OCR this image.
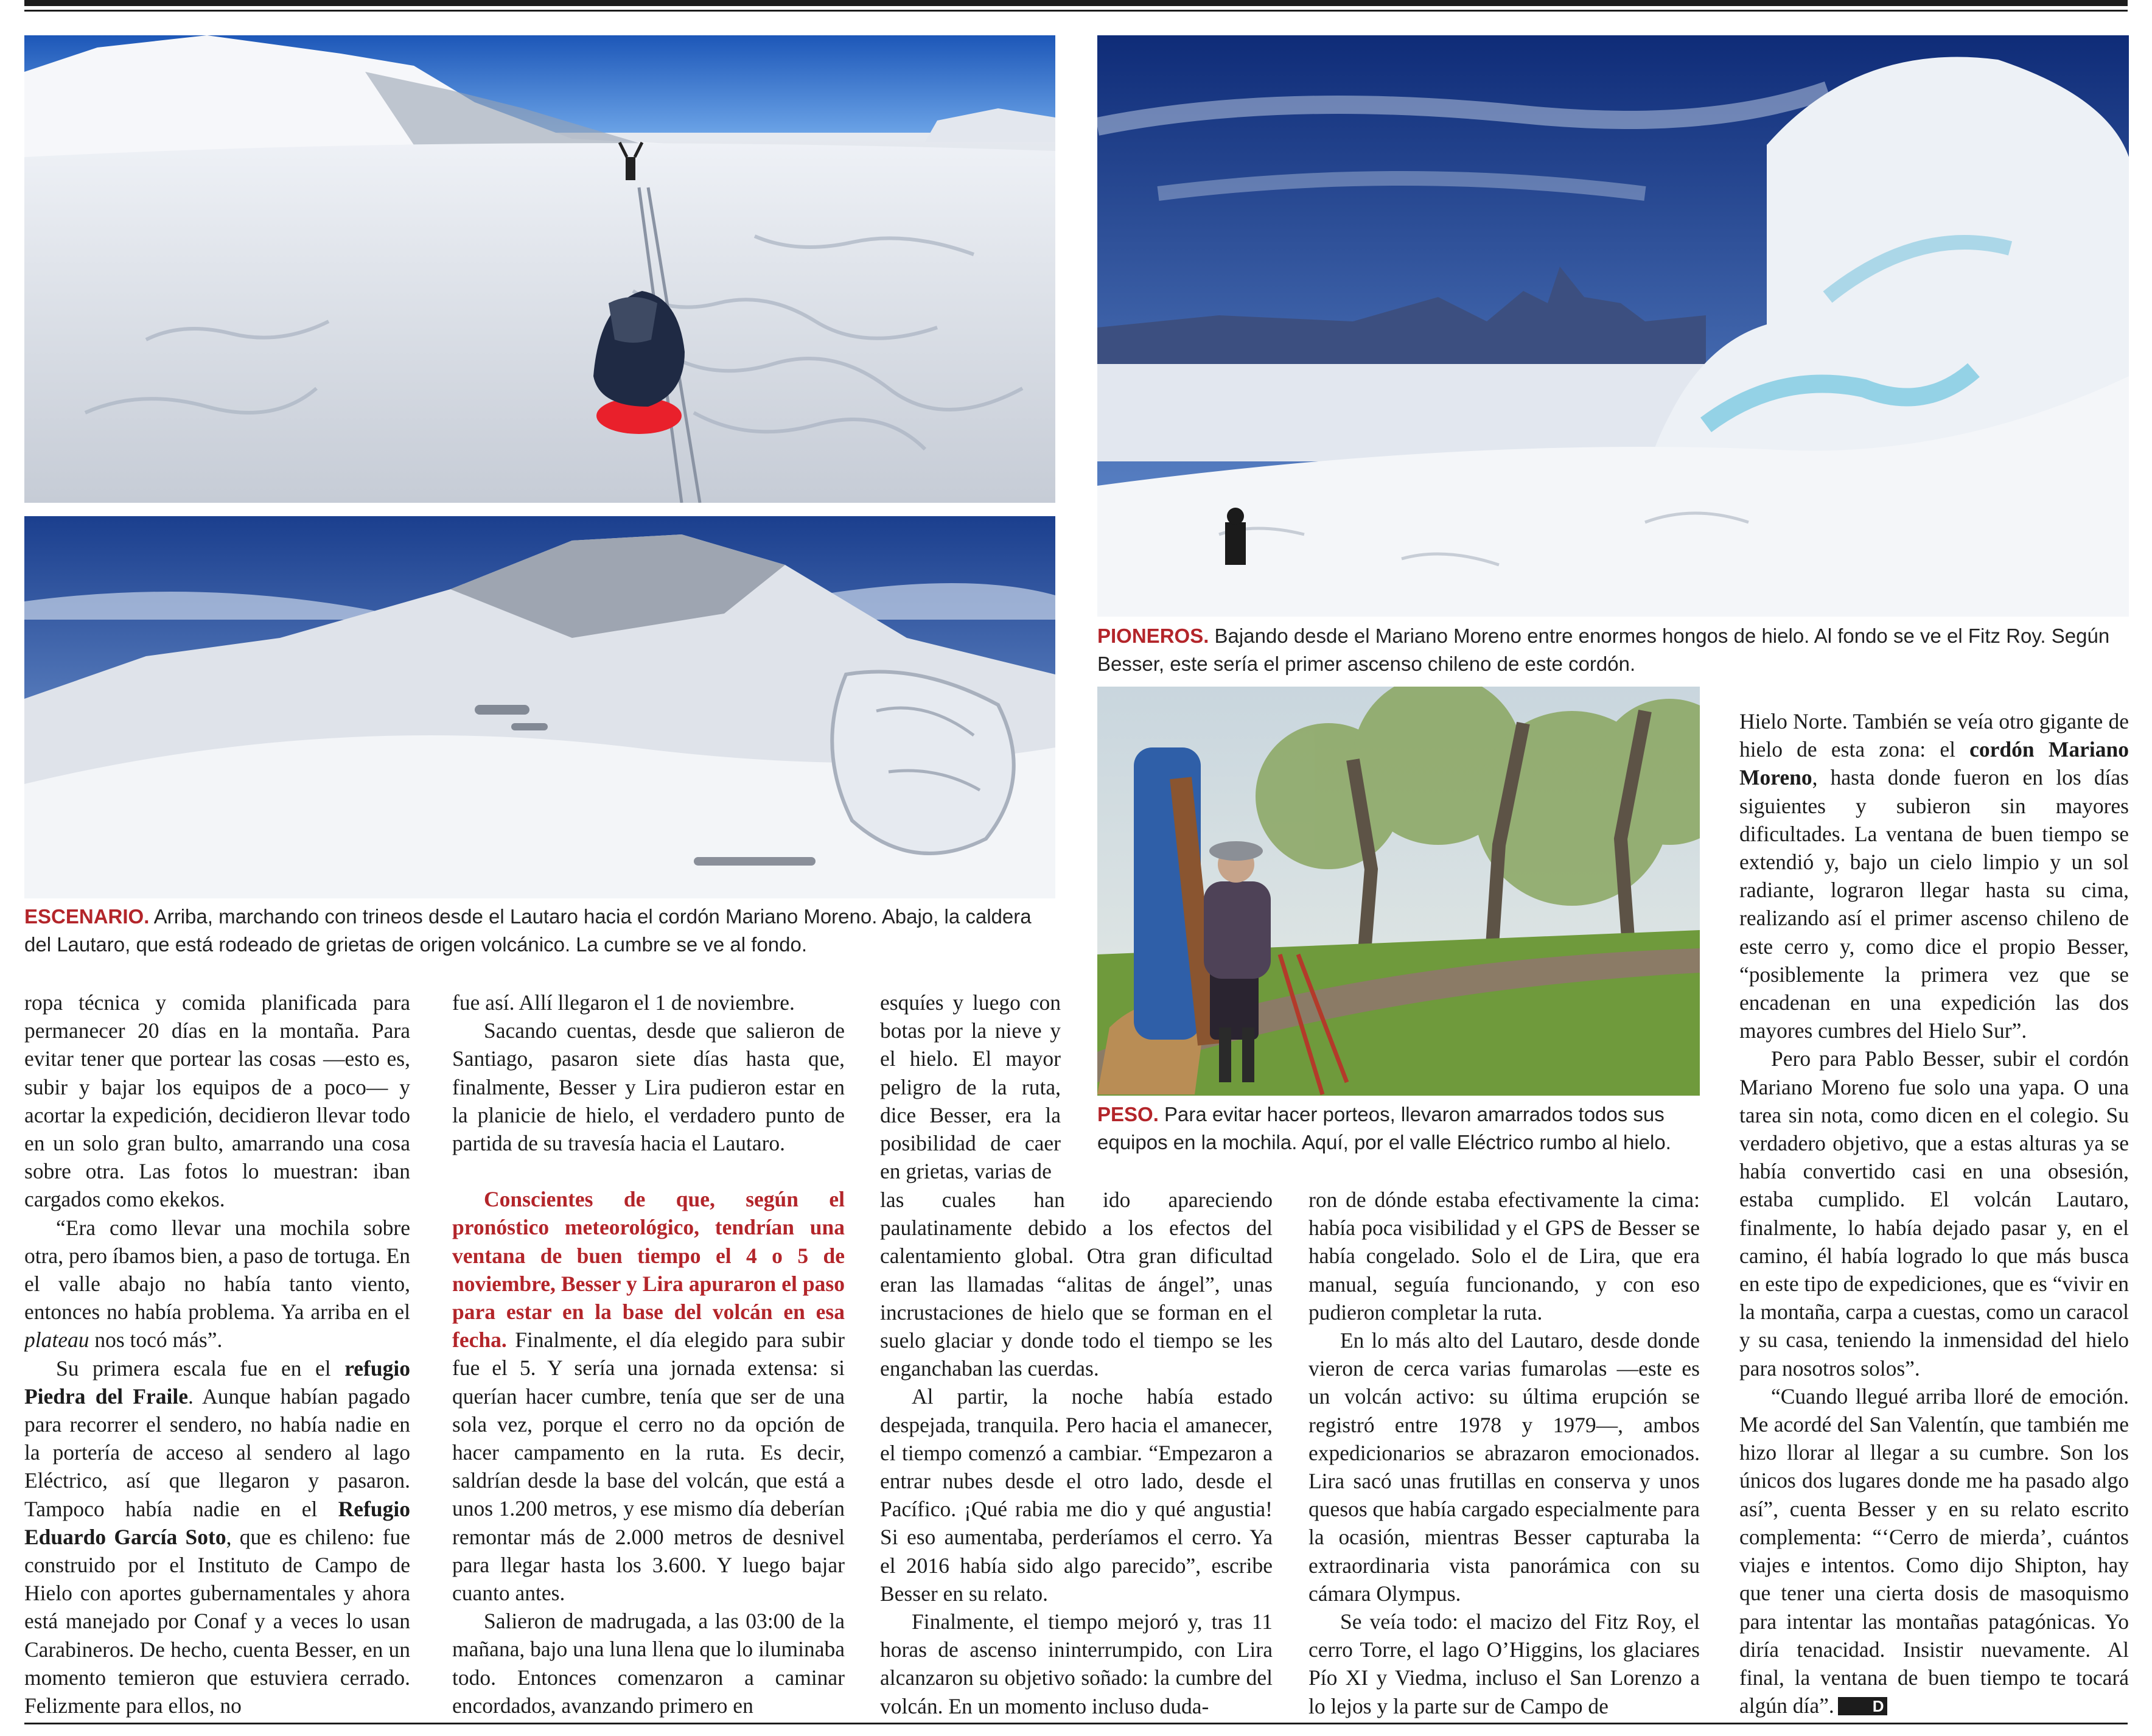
ESCENARIO. Arriba, marchando con trineos desde el Lautaro hacia el cordón Mariano Moreno. Abajo, la caldera del Lautaro, que está rodeado de grietas de origen volcánico. La cumbre se ve al fondo.
PIONEROS. Bajando desde el Mariano Moreno entre enormes hongos de hielo. Al fondo se ve el Fitz Roy. Según Besser, este sería el primer ascenso chileno de este cordón.
PESO. Para evitar hacer porteos, llevaron amarrados todos sus equipos en la mochila. Aquí, por el valle Eléctrico rumbo al hielo.

ropa técnica y comida planificada para permanecer 20 días en la montaña. Para evitar tener que portear las cosas —esto es, subir y bajar los equipos de a poco— y acortar la expedición, decidieron llevar todo en un solo gran bulto, amarrando una cosa sobre otra. Las fotos lo muestran: iban cargados como ekekos.

“Era como llevar una mochila sobre otra, pero íbamos bien, a paso de tortuga. En el valle abajo no había tanto viento, entonces no había problema. Ya arriba en el plateau nos tocó más”.

Su primera escala fue en el refugio Piedra del Fraile. Aunque habían pagado para recorrer el sendero, no había nadie en la portería de acceso al sendero al lago Eléctrico, así que llegaron y pasaron. Tampoco había nadie en el Refugio Eduardo García Soto, que es chileno: fue construido por el Instituto de Campo de Hielo con aportes gubernamentales y ahora está manejado por Conaf y a veces lo usan Carabineros. De hecho, cuenta Besser, en un momento temieron que estuviera cerrado. Felizmente para ellos, no

fue así. Allí llegaron el 1 de noviembre.

Sacando cuentas, desde que salieron de Santiago, pasaron siete días hasta que, finalmente, Besser y Lira pudieron estar en la planicie de hielo, el verdadero punto de partida de su travesía hacia el Lautaro.

Conscientes de que, según el pronóstico meteorológico, tendrían una ventana de buen tiempo el 4 o 5 de noviembre, Besser y Lira apuraron el paso para estar en la base del volcán en esa fecha. Finalmente, el día elegido para subir fue el 5. Y sería una jornada extensa: si querían hacer cumbre, tenía que ser de una sola vez, porque el cerro no da opción de hacer campamento en la ruta. Es decir, saldrían desde la base del volcán, que está a unos 1.200 metros, y ese mismo día deberían remontar más de 2.000 metros de desnivel para llegar hasta los 3.600. Y luego bajar cuanto antes.

Salieron de madrugada, a las 03:00 de la mañana, bajo una luna llena que lo iluminaba todo. Entonces comenzaron a caminar encordados, avanzando primero en

esquíes y luego con botas por la nieve y el hielo. El mayor peligro de la ruta, dice Besser, era la posibilidad de caer en grietas, varias de

las cuales han ido apareciendo paulatinamente debido a los efectos del calentamiento global. Otra gran dificultad eran las llamadas “alitas de ángel”, unas incrustaciones de hielo que se forman en el suelo glaciar y donde todo el tiempo se les enganchaban las cuerdas.

Al partir, la noche había estado despejada, tranquila. Pero hacia el amanecer, el tiempo comenzó a cambiar. “Empezaron a entrar nubes desde el otro lado, desde el Pacífico. ¡Qué rabia me dio y qué angustia! Si eso aumentaba, perderíamos el cerro. Ya el 2016 había sido algo parecido”, escribe Besser en su relato.

Finalmente, el tiempo mejoró y, tras 11 horas de ascenso ininterrumpido, con Lira alcanzaron su objetivo soñado: la cumbre del volcán. En un momento incluso duda-

ron de dónde estaba efectivamente la cima: había poca visibilidad y el GPS de Besser se había congelado. Solo el de Lira, que era manual, seguía funcionando, y con eso pudieron completar la ruta.

En lo más alto del Lautaro, desde donde vieron de cerca varias fumarolas —este es un volcán activo: su última erupción se registró entre 1978 y 1979—, ambos expedicionarios se abrazaron emocionados. Lira sacó unas frutillas en conserva y unos quesos que había cargado especialmente para la ocasión, mientras Besser capturaba la extraordinaria vista panorámica con su cámara Olympus.

Se veía todo: el macizo del Fitz Roy, el cerro Torre, el lago O’Higgins, los glaciares Pío XI y Viedma, incluso el San Lorenzo a lo lejos y la parte sur de Campo de

Hielo Norte. También se veía otro gigante de hielo de esta zona: el cordón Mariano Moreno, hasta donde fueron en los días siguientes y subieron sin mayores dificultades. La ventana de buen tiempo se extendió y, bajo un cielo limpio y un sol radiante, lograron llegar hasta su cima, realizando así el primer ascenso chileno de este cerro y, como dice el propio Besser, “posiblemente la primera vez que se encadenan en una expedición las dos mayores cumbres del Hielo Sur”.

Pero para Pablo Besser, subir el cordón Mariano Moreno fue solo una yapa. O una tarea sin nota, como dicen en el colegio. Su verdadero objetivo, que a estas alturas ya se había convertido casi en una obsesión, estaba cumplido. El volcán Lautaro, finalmente, lo había dejado pasar y, en el camino, él había logrado lo que más busca en este tipo de expediciones, que es “vivir en la montaña, carpa a cuestas, como un caracol y su casa, teniendo la inmensidad del hielo para nosotros solos”.

“Cuando llegué arriba lloré de emoción. Me acordé del San Valentín, que también me hizo llorar al llegar a su cumbre. Son los únicos dos lugares donde me ha pasado algo así”, cuenta Besser y en su relato escrito complementa: “‘Cerro de mierda’, cuántos viajes e intentos. Como dijo Shipton, hay que tener una cierta dosis de masoquismo para intentar las montañas patagónicas. Yo diría tenacidad. Insistir nuevamente. Al final, la ventana de buen tiempo te tocará algún día”. D
